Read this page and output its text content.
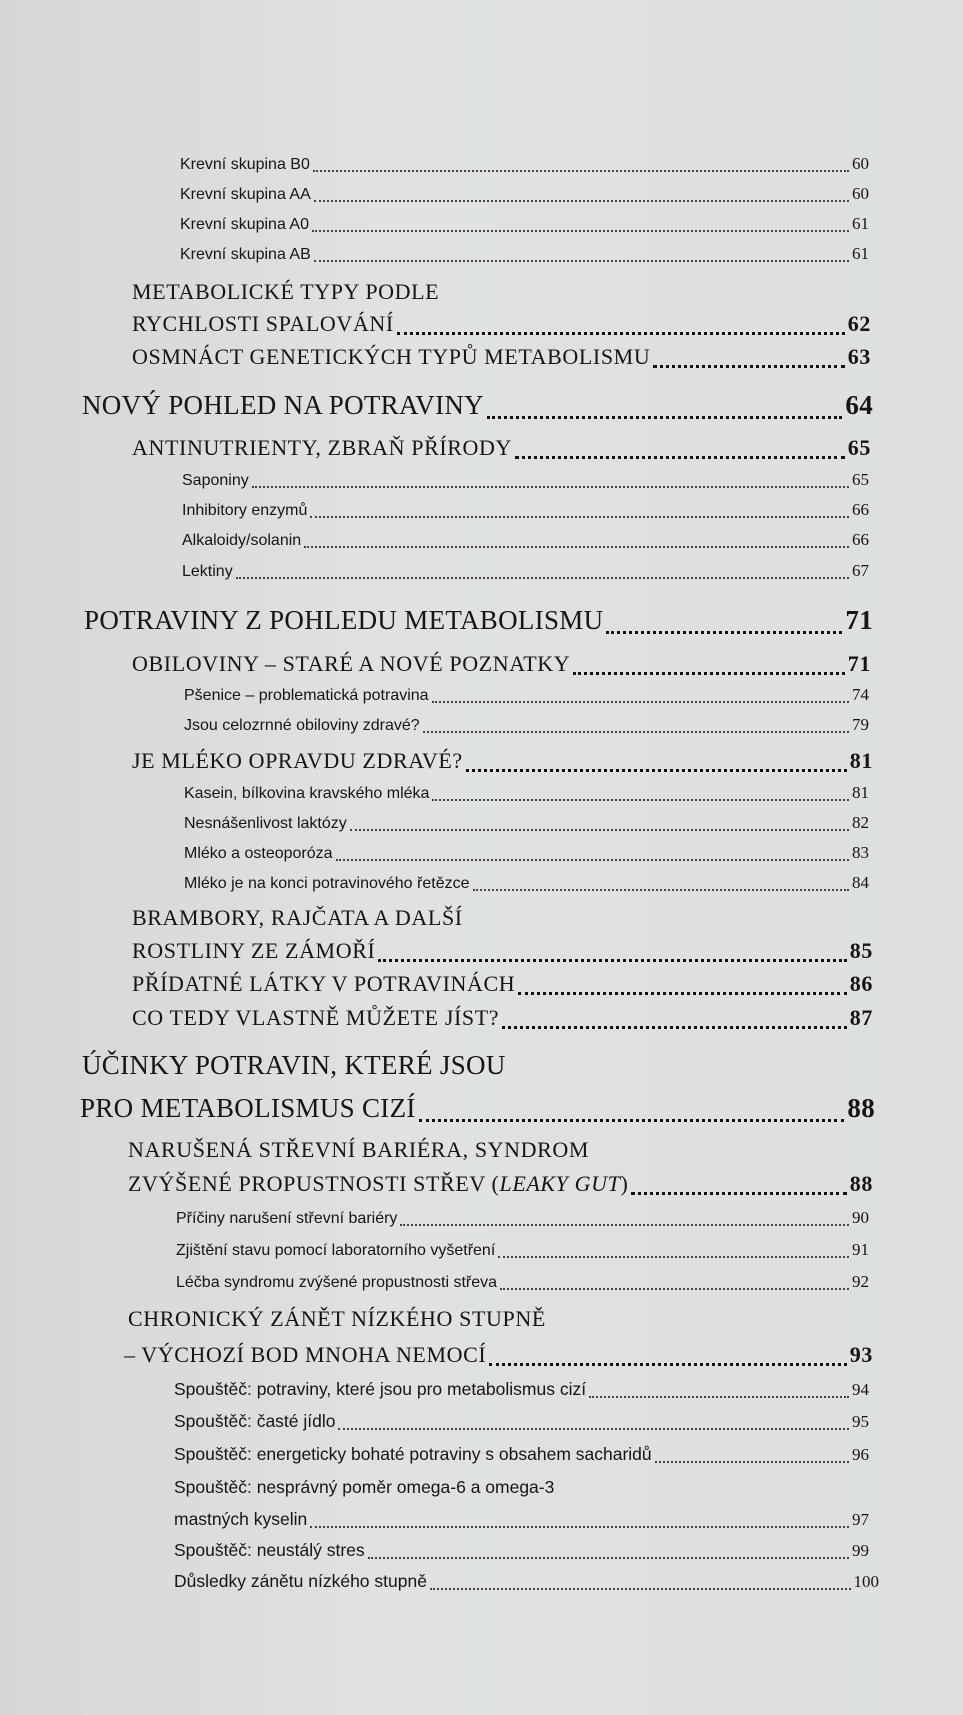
Krevní skupina B0	60
Krevní skupina AA	60
Krevní skupina A0	61
Krevní skupina AB	61
METABOLICKÉ TYPY PODLE
RYCHLOSTI SPALOVÁNÍ	62
OSMNÁCT GENETICKÝCH TYPŮ METABOLISMU	63
NOVÝ POHLED NA POTRAVINY	64
ANTINUTRIENTY, ZBRAŇ PŘÍRODY	65
Saponiny	65
Inhibitory enzymů	66
Alkaloidy/solanin	66
Lektiny	67
POTRAVINY Z POHLEDU METABOLISMU	71
OBILOVINY – STARÉ A NOVÉ POZNATKY	71
Pšenice – problematická potravina	74
Jsou celozrnné obiloviny zdravé?	79
JE MLÉKO OPRAVDU ZDRAVÉ?	81
Kasein, bílkovina kravského mléka	81
Nesnášenlivost laktózy	82
Mléko a osteoporóza	83
Mléko je na konci potravinového řetězce	84
BRAMBORY, RAJČATA A DALŠÍ
ROSTLINY ZE ZÁMOŘÍ	85
PŘÍDATNÉ LÁTKY V POTRAVINÁCH	86
CO TEDY VLASTNĚ MŮŽETE JÍST?	87
ÚČINKY POTRAVIN, KTERÉ JSOU
PRO METABOLISMUS CIZÍ	88
NARUŠENÁ STŘEVNÍ BARIÉRA, SYNDROM
ZVÝŠENÉ PROPUSTNOSTI STŘEV (LEAKY GUT)	88
Příčiny narušení střevní bariéry	90
Zjištění stavu pomocí laboratorního vyšetření	91
Léčba syndromu zvýšené propustnosti střeva	92
CHRONICKÝ ZÁNĚT NÍZKÉHO STUPNĚ
– VÝCHOZÍ BOD MNOHA NEMOCÍ	93
Spouštěč: potraviny, které jsou pro metabolismus cizí	94
Spouštěč: časté jídlo	95
Spouštěč: energeticky bohaté potraviny s obsahem sacharidů	96
Spouštěč: nesprávný poměr omega-6 a omega-3
mastných kyselin	97
Spouštěč: neustálý stres	99
Důsledky zánětu nízkého stupně	100
